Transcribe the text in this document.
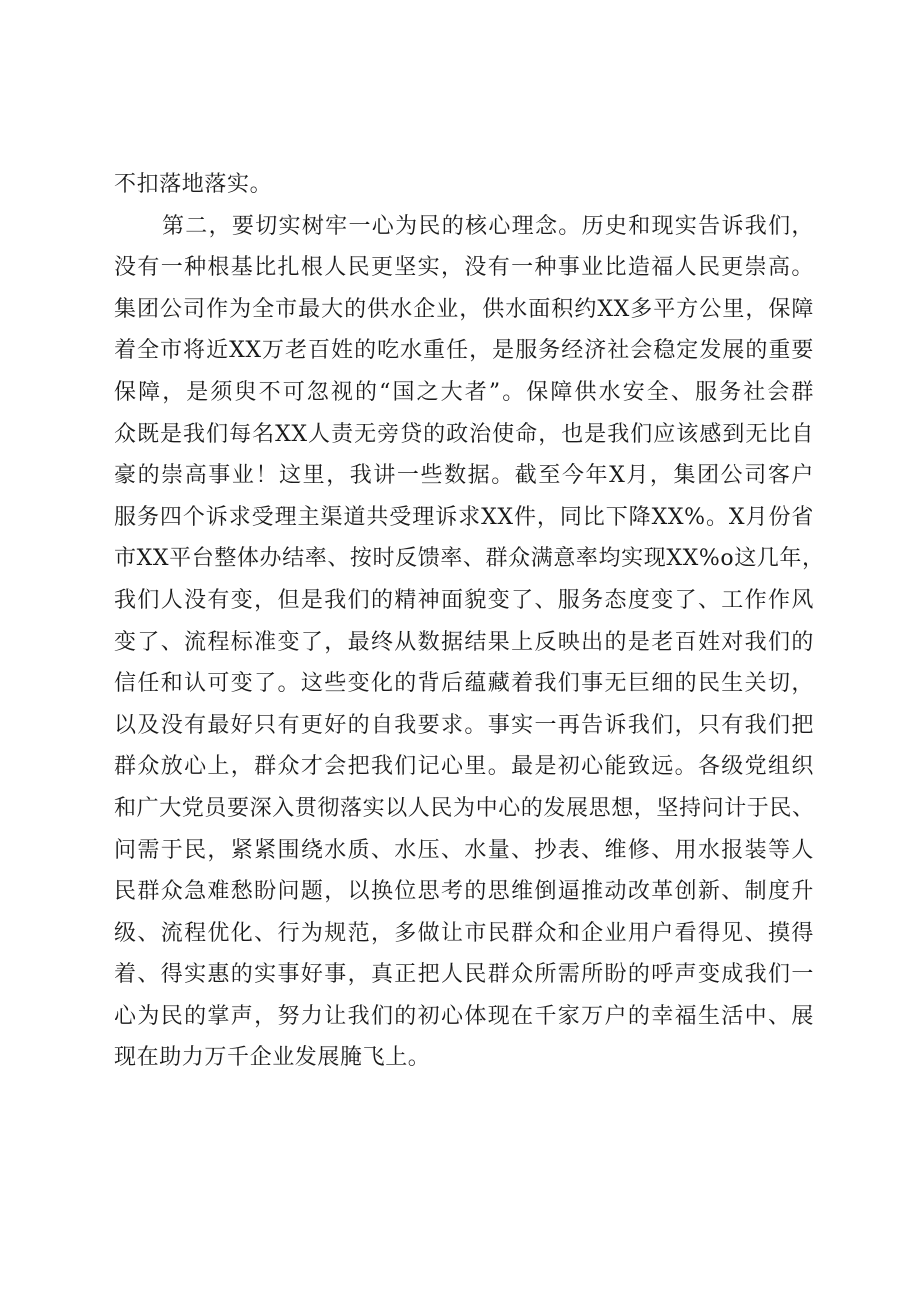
不扣落地落实。
第二，要切实树牢一心为民的核心理念。历史和现实告诉我们，
没有一种根基比扎根人民更坚实，没有一种事业比造福人民更崇高。
集团公司作为全市最大的供水企业，供水面积约XX多平方公里，保障
着全市将近XX万老百姓的吃水重任，是服务经济社会稳定发展的重要
保障，是须臾不可忽视的“国之大者”。保障供水安全、服务社会群
众既是我们每名XX人责无旁贷的政治使命，也是我们应该感到无比自
豪的崇高事业！这里，我讲一些数据。截至今年X月，集团公司客户
服务四个诉求受理主渠道共受理诉求XX件，同比下降XX%。X月份省
市XX平台整体办结率、按时反馈率、群众满意率均实现XX%o这几年，
我们人没有变，但是我们的精神面貌变了、服务态度变了、工作作风
变了、流程标准变了，最终从数据结果上反映出的是老百姓对我们的
信任和认可变了。这些变化的背后蕴藏着我们事无巨细的民生关切，
以及没有最好只有更好的自我要求。事实一再告诉我们，只有我们把
群众放心上，群众才会把我们记心里。最是初心能致远。各级党组织
和广大党员要深入贯彻落实以人民为中心的发展思想，坚持问计于民、
问需于民，紧紧围绕水质、水压、水量、抄表、维修、用水报装等人
民群众急难愁盼问题，以换位思考的思维倒逼推动改革创新、制度升
级、流程优化、行为规范，多做让市民群众和企业用户看得见、摸得
着、得实惠的实事好事，真正把人民群众所需所盼的呼声变成我们一
心为民的掌声，努力让我们的初心体现在千家万户的幸福生活中、展
现在助力万千企业发展腌飞上。
